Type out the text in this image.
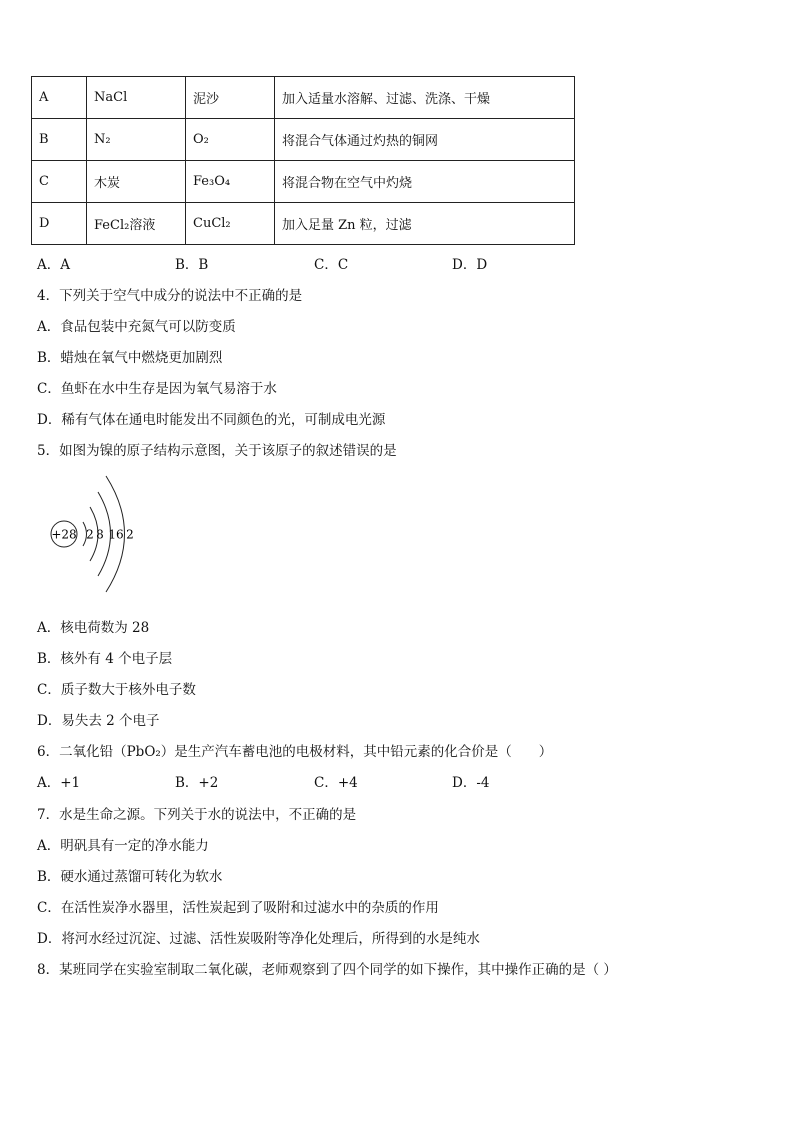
A	NaCl	泥沙	加入适量水溶解、过滤、洗涤、干燥
B	N₂	O₂	将混合气体通过灼热的铜网
C	木炭	Fe₃O₄	将混合物在空气中灼烧
D	FeCl₂溶液	CuCl₂	加入足量 Zn 粒，过滤
A．A	B．B	C．C	D．D
4．下列关于空气中成分的说法中不正确的是
A．食品包装中充氮气可以防变质
B．蜡烛在氧气中燃烧更加剧烈
C．鱼虾在水中生存是因为氧气易溶于水
D．稀有气体在通电时能发出不同颜色的光，可制成电光源
5．如图为镍的原子结构示意图，关于该原子的叙述错误的是
+28 2 8 16 2
A．核电荷数为 28
B．核外有 4 个电子层
C．质子数大于核外电子数
D．易失去 2 个电子
6．二氧化铅（PbO₂）是生产汽车蓄电池的电极材料，其中铅元素的化合价是（　　）
A．+1	B．+2	C．+4	D．-4
7．水是生命之源。下列关于水的说法中，不正确的是
A．明矾具有一定的净水能力
B．硬水通过蒸馏可转化为软水
C．在活性炭净水器里，活性炭起到了吸附和过滤水中的杂质的作用
D．将河水经过沉淀、过滤、活性炭吸附等净化处理后，所得到的水是纯水
8．某班同学在实验室制取二氧化碳，老师观察到了四个同学的如下操作，其中操作正确的是（ ）
